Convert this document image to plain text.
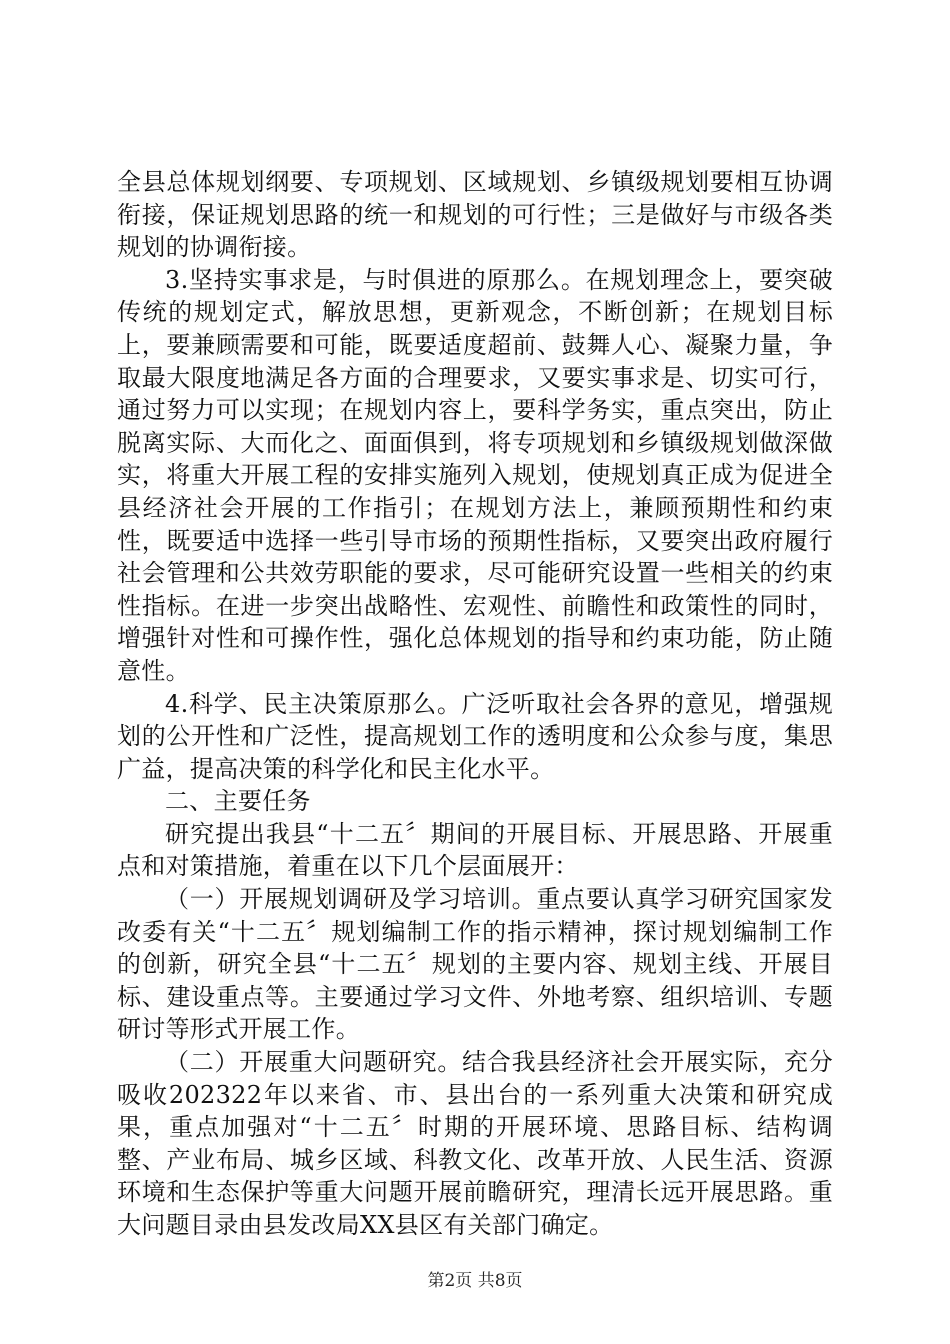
全县总体规划纲要、专项规划、区域规划、乡镇级规划要相互协调衔接，保证规划思路的统一和规划的可行性；三是做好与市级各类规划的协调衔接。

3.坚持实事求是，与时俱进的原那么。在规划理念上，要突破传统的规划定式，解放思想，更新观念，不断创新；在规划目标上，要兼顾需要和可能，既要适度超前、鼓舞人心、凝聚力量，争取最大限度地满足各方面的合理要求，又要实事求是、切实可行，通过努力可以实现；在规划内容上，要科学务实，重点突出，防止脱离实际、大而化之、面面俱到，将专项规划和乡镇级规划做深做实，将重大开展工程的安排实施列入规划，使规划真正成为促进全县经济社会开展的工作指引；在规划方法上，兼顾预期性和约束性，既要适中选择一些引导市场的预期性指标，又要突出政府履行社会管理和公共效劳职能的要求，尽可能研究设置一些相关的约束性指标。在进一步突出战略性、宏观性、前瞻性和政策性的同时，增强针对性和可操作性，强化总体规划的指导和约束功能，防止随意性。

4.科学、民主决策原那么。广泛听取社会各界的意见，增强规划的公开性和广泛性，提高规划工作的透明度和公众参与度，集思广益，提高决策的科学化和民主化水平。

二、主要任务

研究提出我县“十二五〞期间的开展目标、开展思路、开展重点和对策措施，着重在以下几个层面展开：

（一）开展规划调研及学习培训。重点要认真学习研究国家发改委有关“十二五〞规划编制工作的指示精神，探讨规划编制工作的创新，研究全县“十二五〞规划的主要内容、规划主线、开展目标、建设重点等。主要通过学习文件、外地考察、组织培训、专题研讨等形式开展工作。

（二）开展重大问题研究。结合我县经济社会开展实际，充分吸收202322年以来省、市、县出台的一系列重大决策和研究成果，重点加强对“十二五〞时期的开展环境、思路目标、结构调整、产业布局、城乡区域、科教文化、改革开放、人民生活、资源环境和生态保护等重大问题开展前瞻研究，理清长远开展思路。重大问题目录由县发改局XX县区有关部门确定。

第2页 共8页
